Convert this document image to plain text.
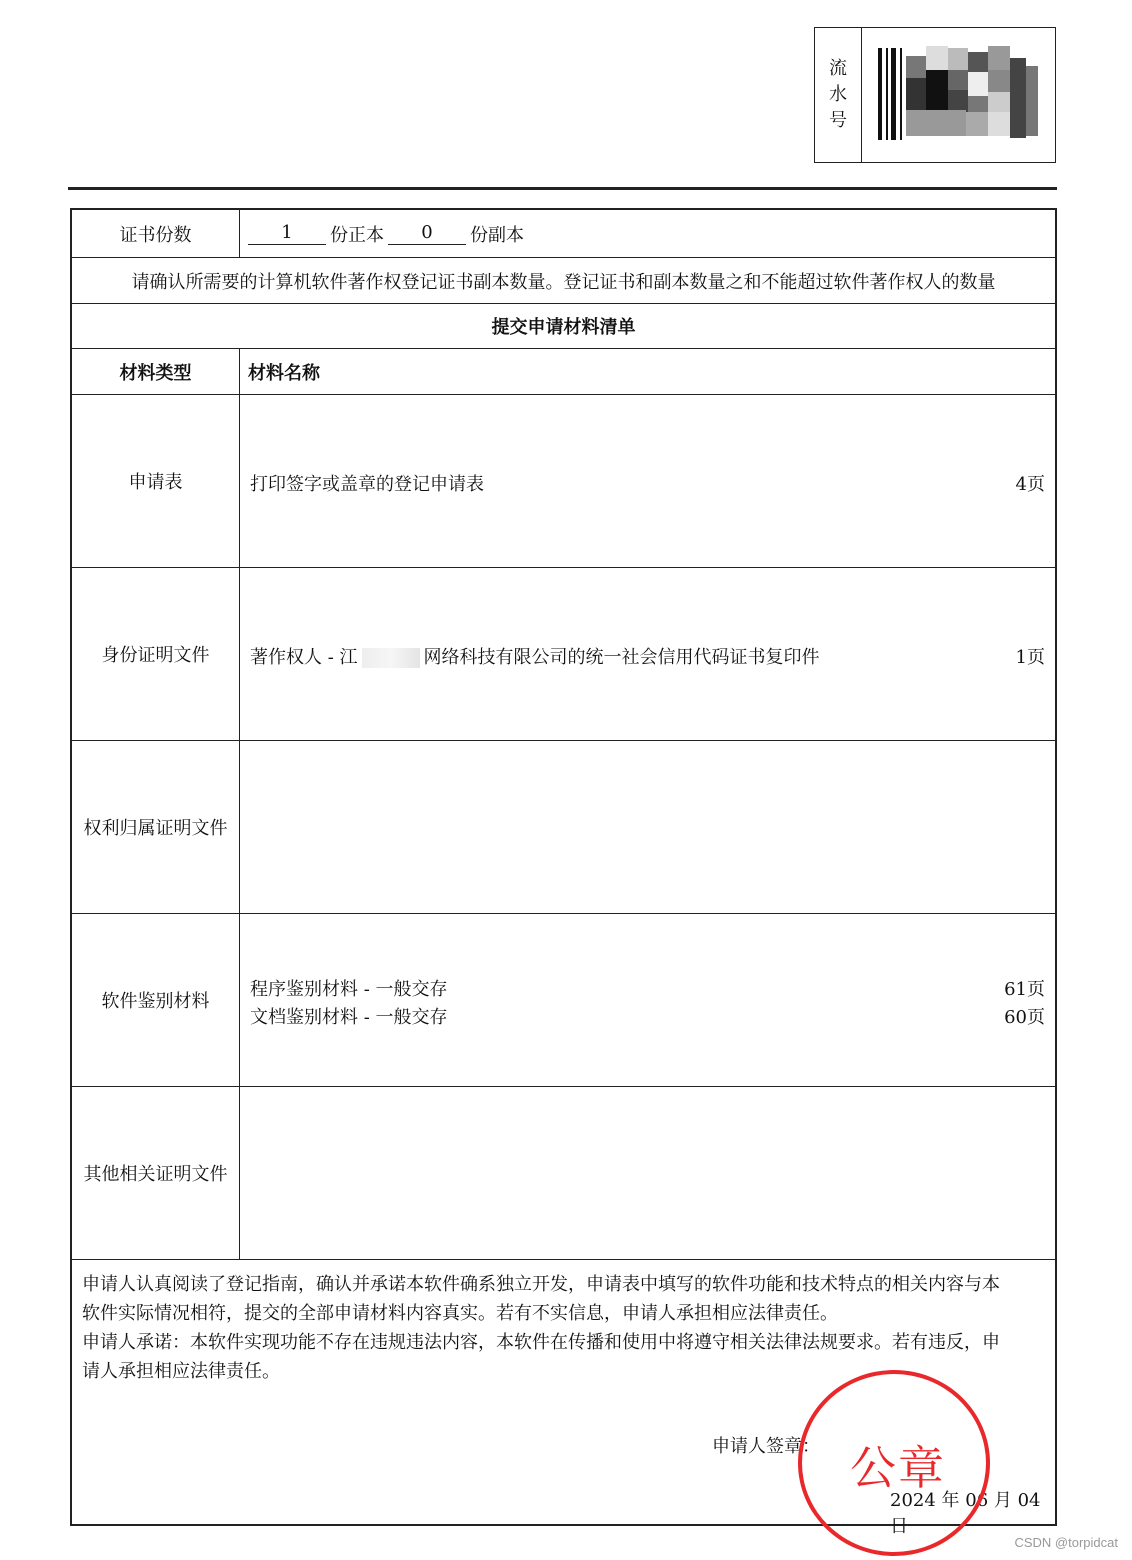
流
水
号
证书份数	1	份正本	0	份副本
请确认所需要的计算机软件著作权登记证书副本数量。登记证书和副本数量之和不能超过软件著作权人的数量
提交申请材料清单
材料类型	材料名称
申请表	打印签字或盖章的登记申请表	4页
身份证明文件	著作权人 - 江	网络科技有限公司的统一社会信用代码证书复印件	1页
权利归属证明文件
软件鉴别材料
程序鉴别材料 - 一般交存	61页
文档鉴别材料 - 一般交存	60页
其他相关证明文件
申请人认真阅读了登记指南，确认并承诺本软件确系独立开发，申请表中填写的软件功能和技术特点的相关内容与本
软件实际情况相符，提交的全部申请材料内容真实。若有不实信息，申请人承担相应法律责任。
申请人承诺：本软件实现功能不存在违规违法内容，本软件在传播和使用中将遵守相关法律法规要求。若有违反，申
请人承担相应法律责任。
申请人签章：
2024 年 06 月 04 日
公章
CSDN @torpidcat
